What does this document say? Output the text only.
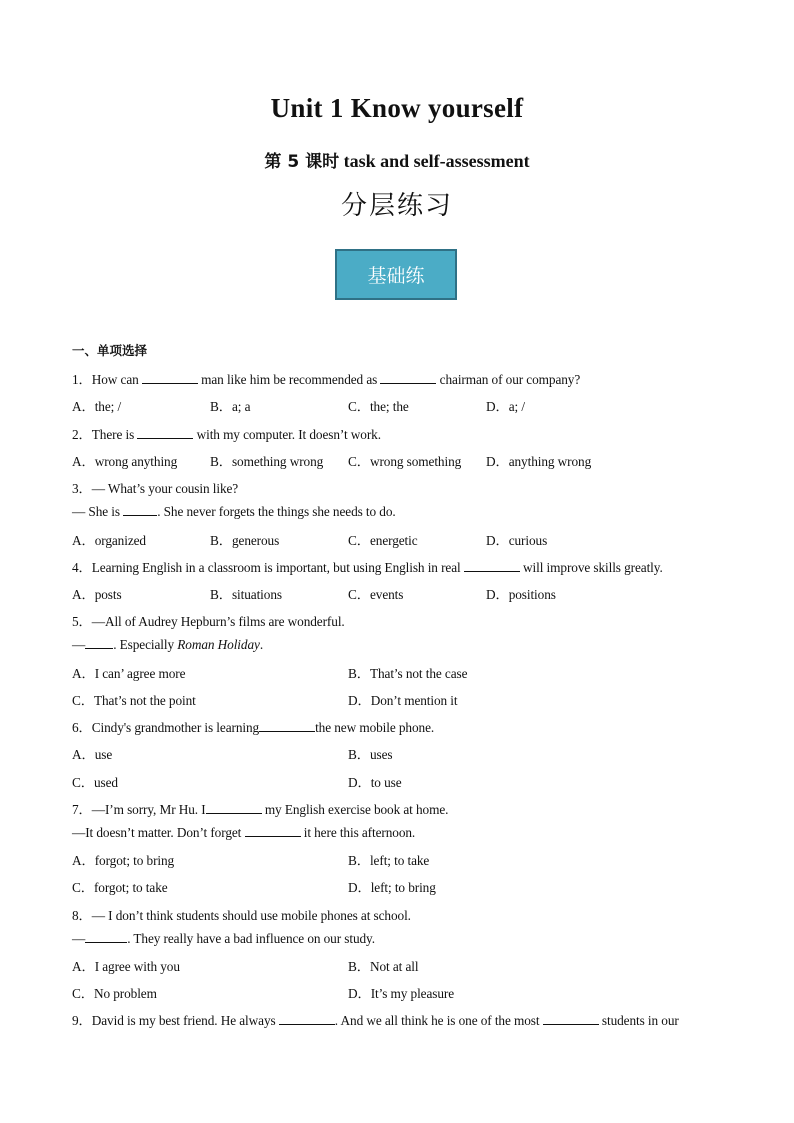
Unit 1 Know yourself
第 5 课时 task and self-assessment
分层练习
基础练
一、单项选择
1．How can	man like him be recommended as	chairman of our company?
A．the; /	B．a; a	C．the; the	D．a; /
2．There is	with my computer. It doesn’t work.
A．wrong anything B．something wrong C．wrong something D．anything wrong
3．— What’s your cousin like?
— She is	. She never forgets the things she needs to do.
A．organized	B．generous	C．energetic	D．curious
4．Learning English in a classroom is important, but using English in real	will improve skills greatly.
A．posts	B．situations	C．events	D．positions
5．—All of Audrey Hepburn’s films are wonderful.
— . Especially Roman Holiday.
A．I can’ agree more	B．That’s not the case
C．That’s not the point	D．Don’t mention it
6．Cindy's grandmother is learning	the new mobile phone.
A．use	B．uses
C．used	D．to use
7．—I’m sorry, Mr Hu. I	my English exercise book at home.
—It doesn’t matter. Don’t forget	it here this afternoon.
A．forgot; to bring	B．left; to take
C．forgot; to take	D．left; to bring
8．— I don’t think students should use mobile phones at school.
—	. They really have a bad influence on our study.
A．I agree with you	B．Not at all
C．No problem	D．It’s my pleasure
9．David is my best friend. He always	. And we all think he is one of the most	students in our
